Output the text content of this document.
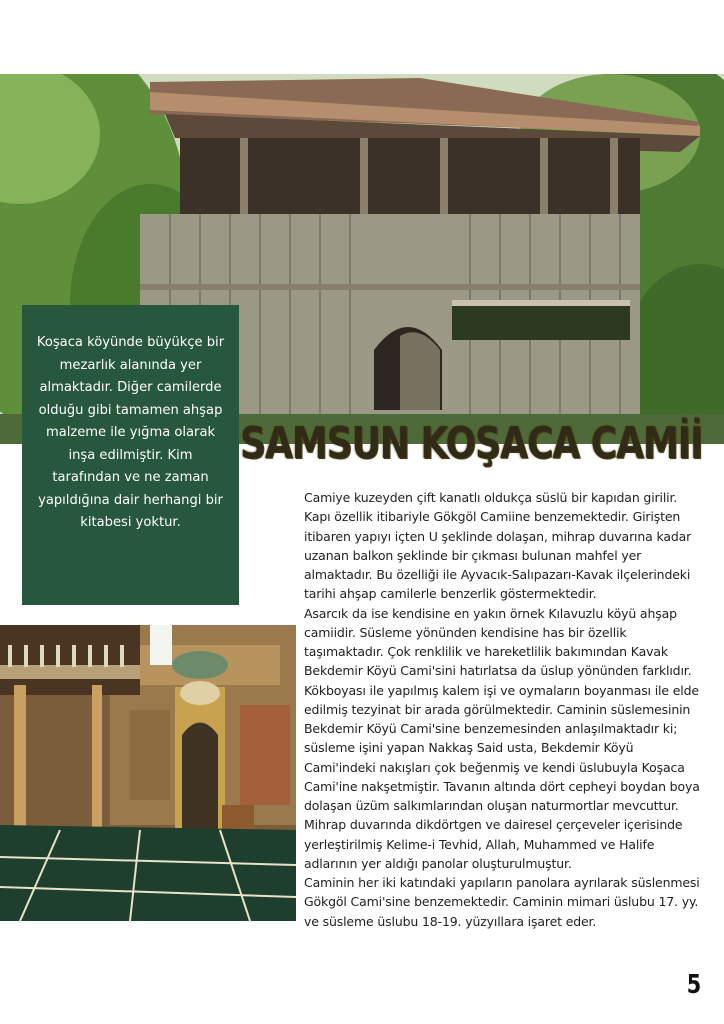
Koşaca köyünde büyükçe bir mezarlık alanında yer almaktadır. Diğer camilerde olduğu gibi tamamen ahşap malzeme ile yığma olarak inşa edilmiştir. Kim tarafından ve ne zaman yapıldığına dair herhangi bir kitabesi yoktur.
SAMSUN KOŞACA CAMİİ

Camiye kuzeyden çift kanatlı oldukça süslü bir kapıdan girilir. Kapı özellik itibariyle Gökgöl Camiine benzemektedir. Girişten itibaren yapıyı içten U şeklinde dolaşan, mihrap duvarına kadar uzanan balkon şeklinde bir çıkması bulunan mahfel yer almaktadır. Bu özelliği ile Ayvacık-Salıpazarı-Kavak ilçelerindeki tarihi ahşap camilerle benzerlik göstermektedir.

Asarcık da ise kendisine en yakın örnek Kılavuzlu köyü ahşap camiidir. Süsleme yönünden kendisine has bir özellik taşımaktadır. Çok renklilik ve hareketlilik bakımından Kavak Bekdemir Köyü Cami'sini hatırlatsa da üslup yönünden farklıdır. Kökboyası ile yapılmış kalem işi ve oymaların boyanması ile elde edilmiş tezyinat bir arada görülmektedir. Caminin süslemesinin Bekdemir Köyü Cami'sine benzemesinden anlaşılmaktadır ki; süsleme işini yapan Nakkaş Said usta, Bekdemir Köyü Cami'indeki nakışları çok beğenmiş ve kendi üslubuyla Koşaca Cami'ine nakşetmiştir. Tavanın altında dört cepheyi boydan boya dolaşan üzüm salkımlarından oluşan naturmortlar mevcuttur. Mihrap duvarında dikdörtgen ve dairesel çerçeveler içerisinde yerleştirilmiş Kelime-i Tevhid, Allah, Muhammed ve Halife adlarının yer aldığı panolar oluşturulmuştur.

Caminin her iki katındaki yapıların panolara ayrılarak süslenmesi Gökgöl Cami'sine benzemektedir. Caminin mimari üslubu 17. yy. ve süsleme üslubu 18-19. yüzyıllara işaret eder.

5
